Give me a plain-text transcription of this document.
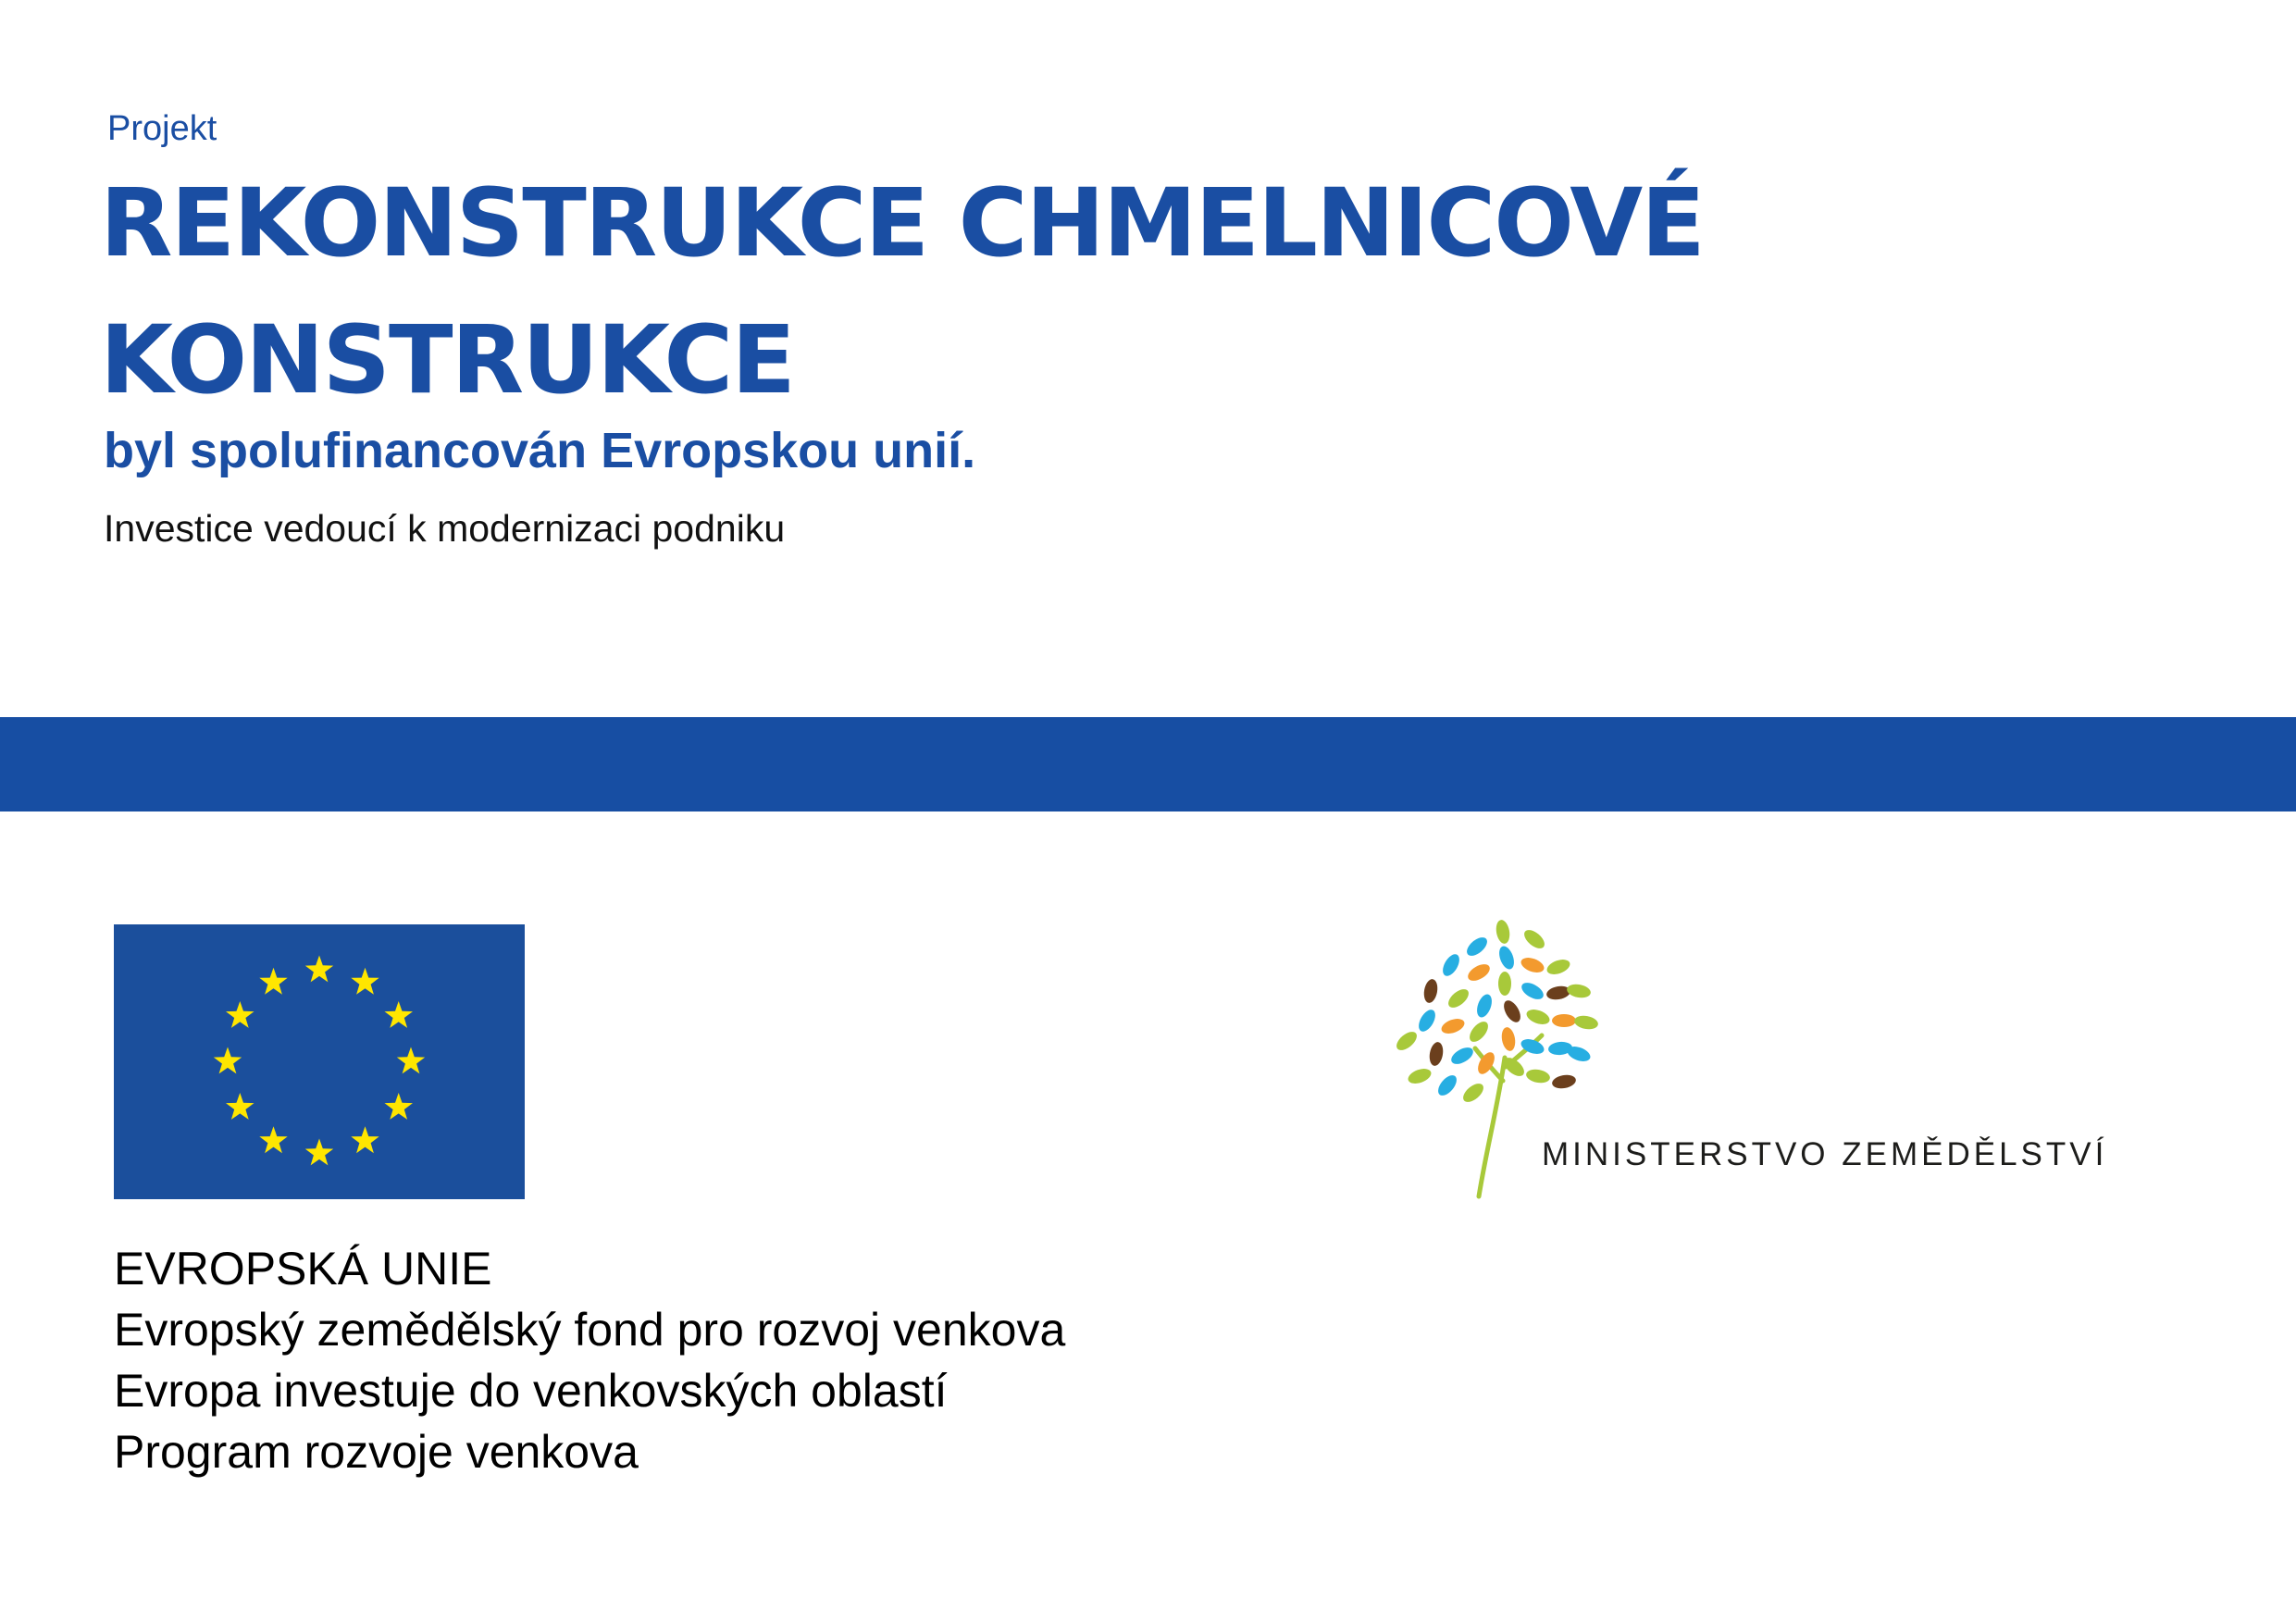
Projekt
REKONSTRUKCE CHMELNICOVÉ
KONSTRUKCE
byl spolufinancován Evropskou unií.
Investice vedoucí k modernizaci podniku
EVROPSKÁ UNIE
Evropský zemědělský fond pro rozvoj venkova
Evropa investuje do venkovských oblastí
Program rozvoje venkova
MINISTERSTVO ZEMĚDĚLSTVÍ
